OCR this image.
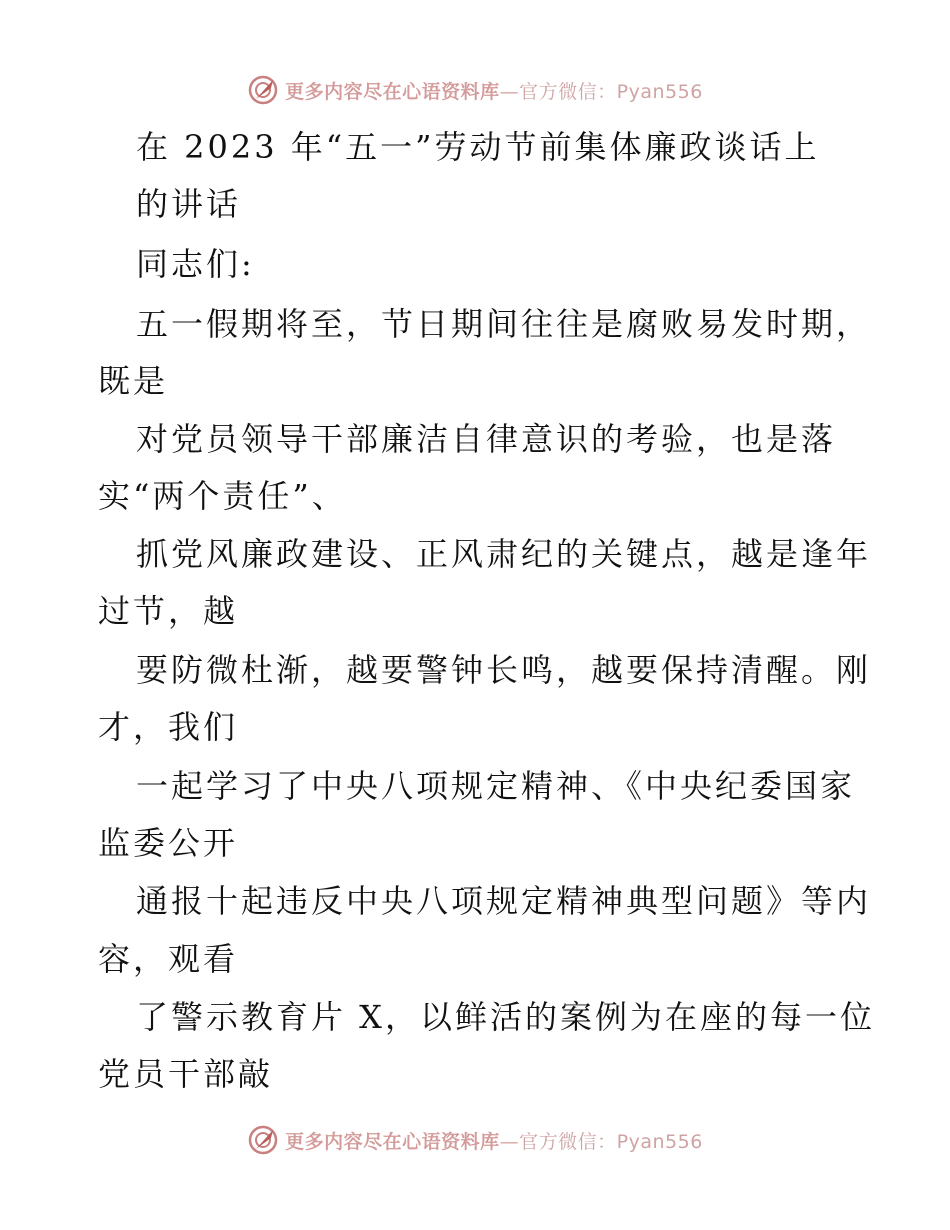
更多内容尽在心语资料库—官方微信：Pyan556
在 2023 年“五一”劳动节前集体廉政谈话上
的讲话
同志们:
五一假期将至，节日期间往往是腐败易发时期，
既是
对党员领导干部廉洁自律意识的考验，也是落
实“两个责任”、
抓党风廉政建设、正风肃纪的关键点，越是逢年
过节，越
要防微杜渐，越要警钟长鸣，越要保持清醒。刚
才，我们
一起学习了中央八项规定精神、《中央纪委国家
监委公开
通报十起违反中央八项规定精神典型问题》等内
容，观看
了警示教育片 X，以鲜活的案例为在座的每一位
党员干部敲
更多内容尽在心语资料库—官方微信：Pyan556
